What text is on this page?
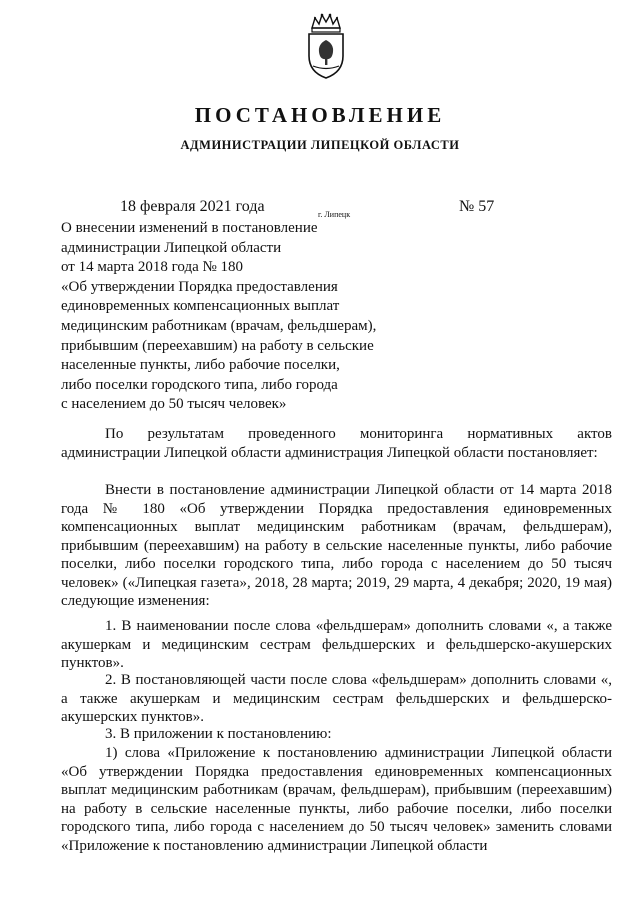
ПОСТАНОВЛЕНИЕ
АДМИНИСТРАЦИИ ЛИПЕЦКОЙ ОБЛАСТИ
18 февраля 2021 года	г. Липецк	№ 57
О внесении изменений в постановление
администрации Липецкой области
от 14 марта 2018 года № 180
«Об утверждении Порядка предоставления
единовременных компенсационных выплат
медицинским работникам (врачам, фельдшерам),
прибывшим (переехавшим) на работу в сельские
населенные пункты, либо рабочие поселки,
либо поселки городского типа, либо города
с населением до 50 тысяч человек»

По результатам проведенного мониторинга нормативных актов администрации Липецкой области администрация Липецкой области постановляет:

Внести в постановление администрации Липецкой области от 14 марта 2018 года № 180 «Об утверждении Порядка предоставления единовременных компенсационных выплат медицинским работникам (врачам, фельдшерам), прибывшим (переехавшим) на работу в сельские населенные пункты, либо рабочие поселки, либо поселки городского типа, либо города с населением до 50 тысяч человек» («Липецкая газета», 2018, 28 марта; 2019, 29 марта, 4 декабря; 2020, 19 мая) следующие изменения:

1. В наименовании после слова «фельдшерам» дополнить словами «, а также акушеркам и медицинским сестрам фельдшерских и фельдшерско-акушерских пунктов».

2. В постановляющей части после слова «фельдшерам» дополнить словами «, а также акушеркам и медицинским сестрам фельдшерских и фельдшерско-акушерских пунктов».

3. В приложении к постановлению:

1) слова «Приложение к постановлению администрации Липецкой области «Об утверждении Порядка предоставления единовременных компенсационных выплат медицинским работникам (врачам, фельдшерам), прибывшим (переехавшим) на работу в сельские населенные пункты, либо рабочие поселки, либо поселки городского типа, либо города с населением до 50 тысяч человек» заменить словами «Приложение к постановлению администрации Липецкой области
